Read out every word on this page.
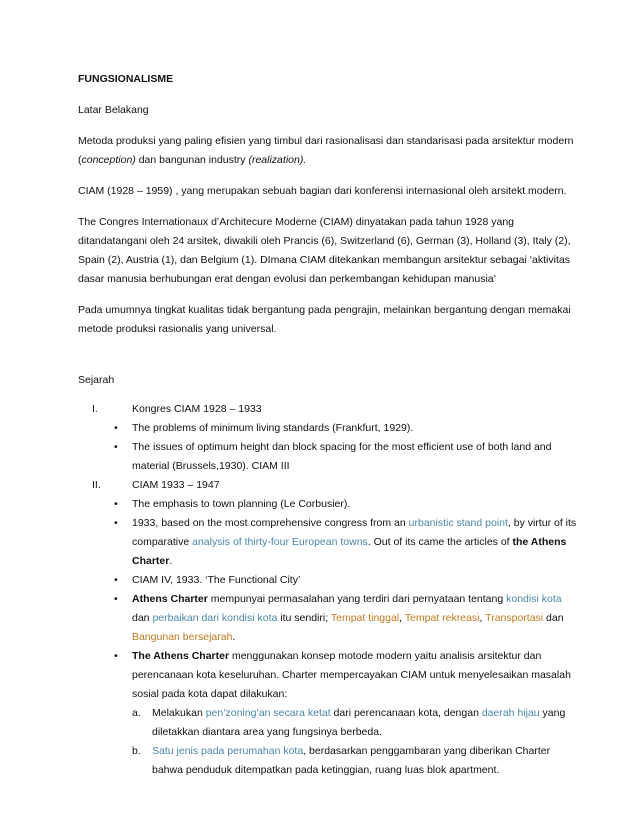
FUNGSIONALISME

Latar Belakang

Metoda produksi yang paling efisien yang timbul dari rasionalisasi dan standarisasi pada arsitektur modern (conception) dan bangunan industry (realization).

CIAM (1928 – 1959) , yang merupakan sebuah bagian dari konferensi internasional oleh arsitekt modern.

The Congres Internationaux d’Architecure Moderne (CIAM) dinyatakan pada tahun 1928 yang ditandatangani oleh 24 arsitek, diwakili oleh Prancis (6), Switzerland (6), German (3), Holland (3), Italy (2), Spain (2), Austria (1), dan Belgium (1). DImana CIAM ditekankan membangun arsitektur sebagai ‘aktivitas dasar manusia berhubungan erat dengan evolusi dan perkembangan kehidupan manusia’

Pada umumnya tingkat kualitas tidak bergantung pada pengrajin, melainkan bergantung dengan memakai metode produksi rasionalis yang universal.

Sejarah

I.	Kongres CIAM 1928 – 1933
• The problems of minimum living standards (Frankfurt, 1929).
• The issues of optimum height dan block spacing for the most efficient use of both land and material (Brussels,1930). CIAM III
II.	CIAM 1933 – 1947
• The emphasis to town planning (Le Corbusier).
• 1933, based on the most comprehensive congress from an urbanistic stand point, by virtur of its comparative analysis of thirty-four European towns. Out of its came the articles of the Athens Charter.
• CIAM IV, 1933. ‘The Functional City’
• Athens Charter mempunyai permasalahan yang terdiri dari pernyataan tentang kondisi kota dan perbaikan dari kondisi kota itu sendiri; Tempat tinggal, Tempat rekreasi, Transportasi dan Bangunan bersejarah.
• The Athens Charter menggunakan konsep motode modern yaitu analisis arsitektur dan perencanaan kota keseluruhan. Charter mempercayakan CIAM untuk menyelesaikan masalah sosial pada kota dapat dilakukan:
a. Melakukan pen’zoning’an secara ketat dari perencanaan kota, dengan daerah hijau yang diletakkan diantara area yang fungsinya berbeda.
b. Satu jenis pada perumahan kota, berdasarkan penggambaran yang diberikan Charter bahwa penduduk ditempatkan pada ketinggian, ruang luas blok apartment.
